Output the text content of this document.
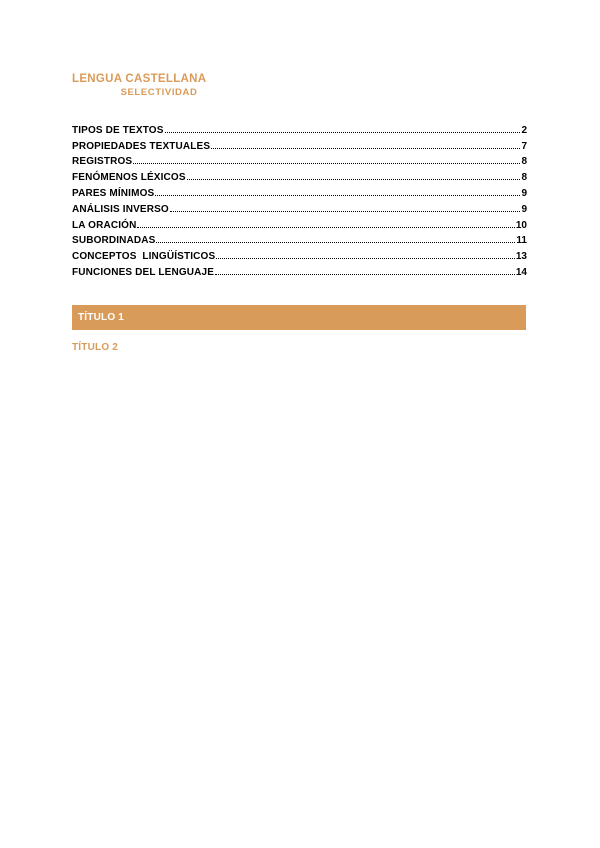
LENGUA CASTELLANA
SELECTIVIDAD
TIPOS DE TEXTOS	2
PROPIEDADES TEXTUALES	7
REGISTROS	8
FENÓMENOS LÉXICOS	8
PARES MÍNIMOS	9
ANÁLISIS INVERSO	9
LA ORACIÓN	10
SUBORDINADAS	11
CONCEPTOS  LINGÜÍSTICOS	13
FUNCIONES DEL LENGUAJE	14
TÍTULO 1
TÍTULO 2
